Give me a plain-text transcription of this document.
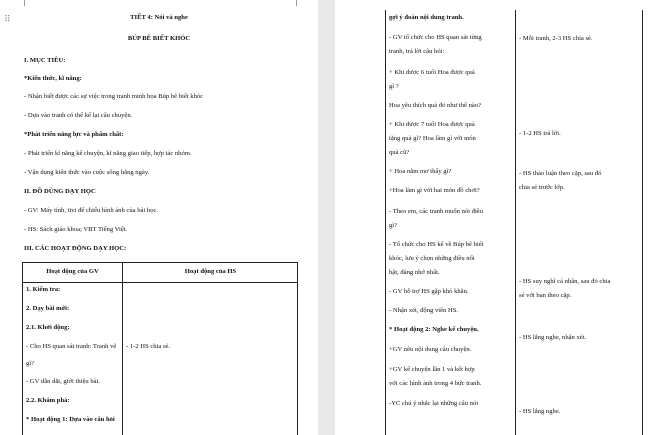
⠿	TIẾT 4: Nói và nghe
BÚP BÊ BIẾT KHÓC
I. MỤC TIÊU:
*Kiến thức, kĩ năng:
- Nhận biết được các sự việc trong tranh minh họa Búp bê biết khóc
- Dựa vào tranh có thể kể lại câu chuyện.
*Phát triển năng lực và phẩm chất:
- Phát triển kĩ năng kể chuyện, kĩ năng giao tiếp, hợp tác nhóm.
- Vận dụng kiến thức vào cuộc sống hằng ngày.
II. ĐỒ DÙNG DẠY HỌC
- GV: Máy tính, tivi để chiếu hình ảnh của bài học.
- HS: Sách giáo khoa; VBT Tiếng Việt.
III. CÁC HOẠT ĐỘNG DẠY HỌC:
Hoạt động của GV	Hoạt động của HS
1. Kiểm tra:
2. Dạy bài mới:
2.1. Khởi động:
- Cho HS quan sát tranh: Tranh vẽ
gì?
- GV dẫn dắt, giới thiệu bài.
2.2. Khám phá:
* Hoạt động 1: Dựa vào câu hỏi
- 1-2 HS chia sẻ.
gợi ý đoán nội dung tranh.
- GV tổ chức cho HS quan sát từng
tranh, trả lời câu hỏi:
+ Khi được 6 tuổi Hoa được quà
gì ?
Hoa yêu thích quà đó như thế nào?
+ Khi được 7 tuổi Hoa được quà
tặng quà gì? Hoa làm gì với món
quà cũ?
+ Hoa nằm mơ thấy gì?
+Hoa làm gì với hai món đồ chơi?
- Theo em, các tranh muốn nói điều
gì?
- Tổ chức cho HS kể về Búp bê biết
khóc, lưu ý chọn những điều nổi
bật, đáng nhớ nhất.
- GV hỗ trợ HS gặp khó khăn.
- Nhận xét, động viên HS.
* Hoạt động 2: Nghe kể chuyện.
+GV nêu nội dung câu chuyện.
+GV kể chuyện lần 1 và kết hợp
với các hình ảnh trong 4 bức tranh.
-YC chú ý nhắc lại những câu nói
- Mỗi tranh, 2-3 HS chia sẻ.
- 1-2 HS trả lời.
- HS thảo luận theo cặp, sau đó
chia sẻ trước lớp.
- HS suy nghĩ cá nhân, sau đó chia
sẻ với bạn theo cặp.
- HS lắng nghe, nhận xét.
- HS lắng nghe.
